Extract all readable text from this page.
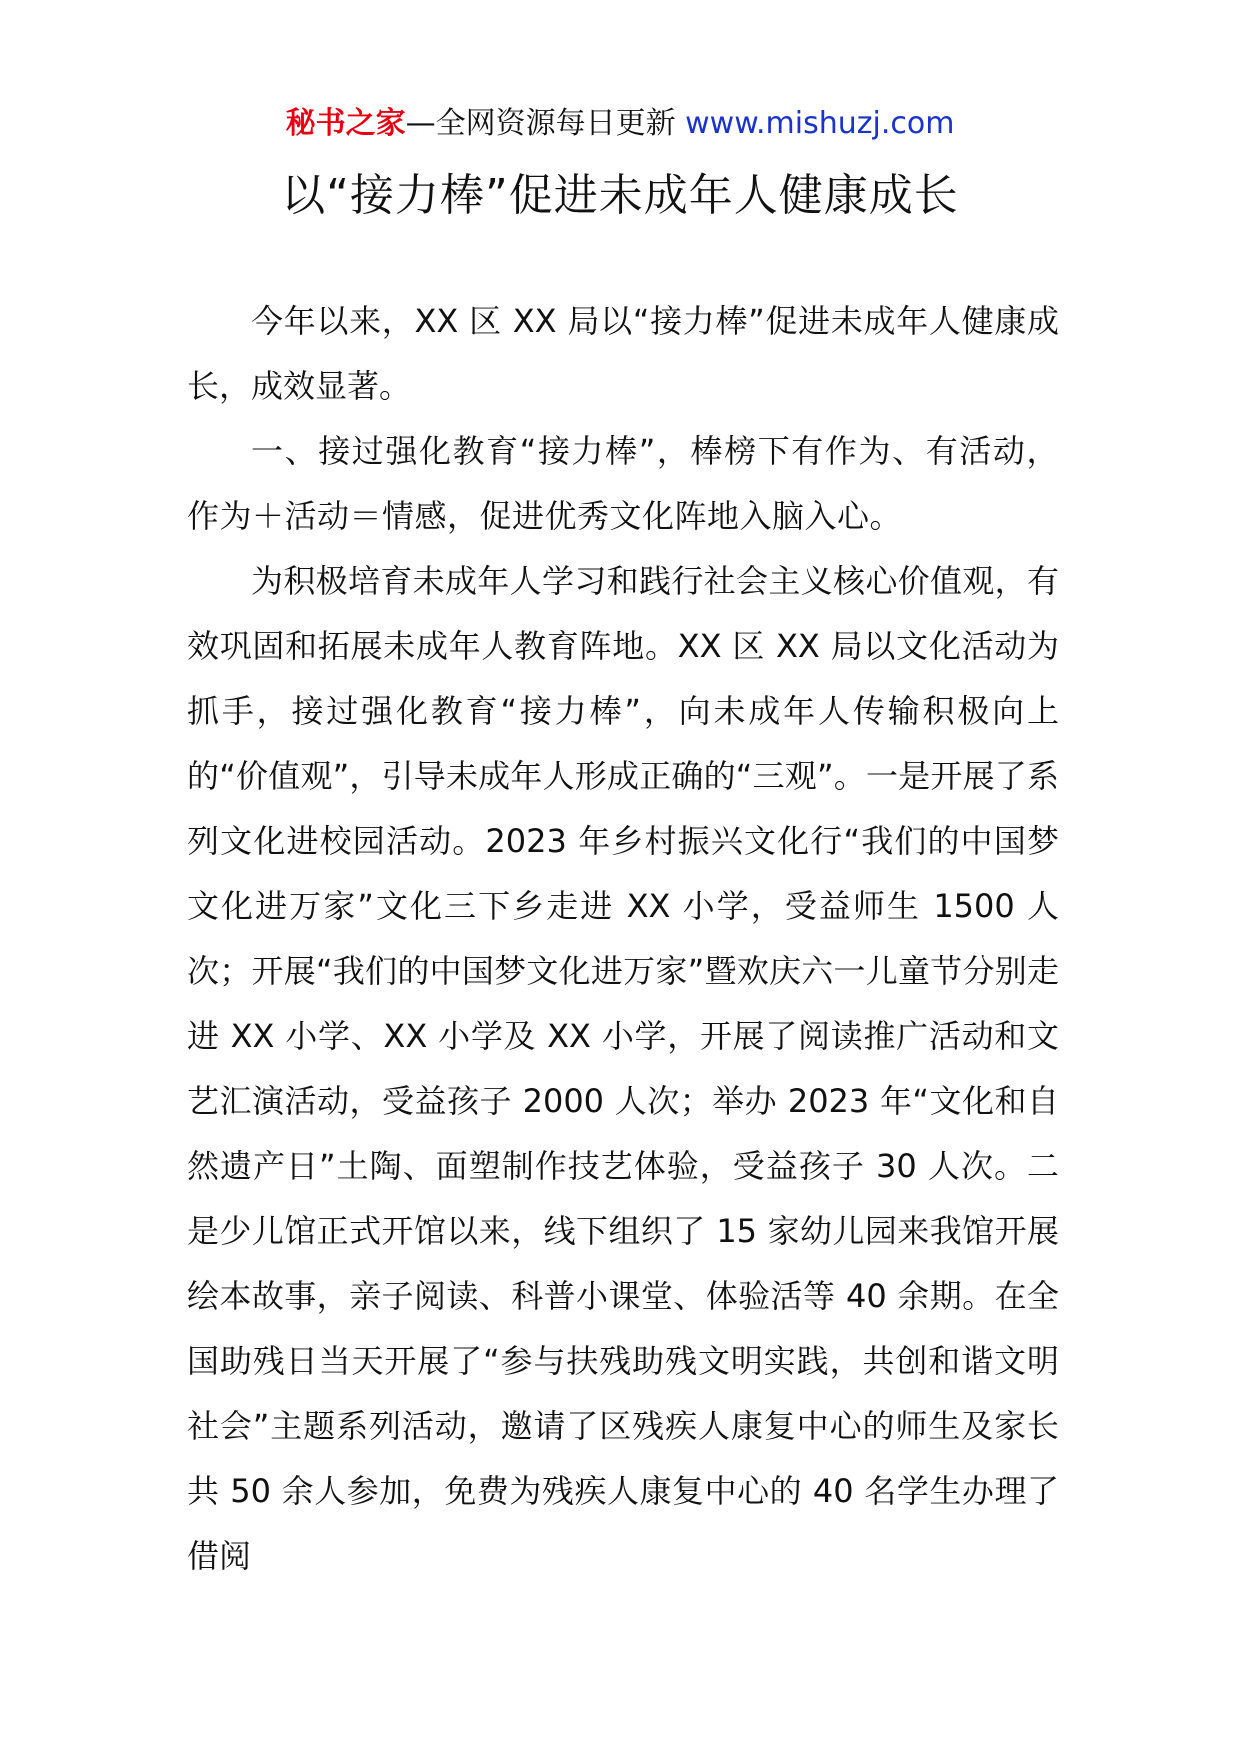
秘书之家—全网资源每日更新 www.mishuzj.com
以“接力棒”促进未成年人健康成长

今年以来，XX 区 XX 局以“接力棒”促进未成年人健康成长，成效显著。

一、接过强化教育“接力棒”，棒榜下有作为、有活动，作为＋活动＝情感，促进优秀文化阵地入脑入心。

为积极培育未成年人学习和践行社会主义核心价值观，有效巩固和拓展未成年人教育阵地。XX 区 XX 局以文化活动为抓手，接过强化教育“接力棒”，向未成年人传输积极向上的“价值观”，引导未成年人形成正确的“三观”。一是开展了系列文化进校园活动。2023 年乡村振兴文化行“我们的中国梦文化进万家”文化三下乡走进 XX 小学，受益师生 1500 人次；开展“我们的中国梦文化进万家”暨欢庆六一儿童节分别走进 XX 小学、XX 小学及 XX 小学，开展了阅读推广活动和文艺汇演活动，受益孩子 2000 人次；举办 2023 年“文化和自然遗产日”土陶、面塑制作技艺体验，受益孩子 30 人次。二是少儿馆正式开馆以来，线下组织了 15 家幼儿园来我馆开展绘本故事，亲子阅读、科普小课堂、体验活等 40 余期。在全国助残日当天开展了“参与扶残助残文明实践，共创和谐文明社会”主题系列活动，邀请了区残疾人康复中心的师生及家长共 50 余人参加，免费为残疾人康复中心的 40 名学生办理了借阅
